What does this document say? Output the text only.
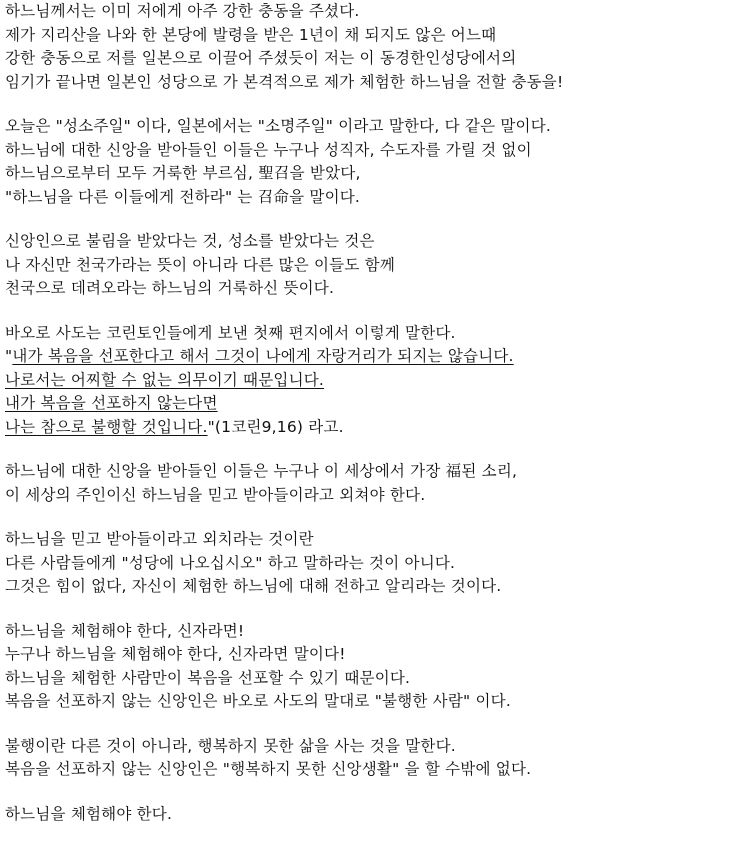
하느님께서는 이미 저에게 아주 강한 충동을 주셨다.
제가 지리산을 나와 한 본당에 발령을 받은 1년이 채 되지도 않은 어느때
강한 충동으로 저를 일본으로 이끌어 주셨듯이 저는 이 동경한인성당에서의
임기가 끝나면 일본인 성당으로 가 본격적으로 제가 체험한 하느님을 전할 충동을!
오늘은 "성소주일" 이다, 일본에서는 "소명주일" 이라고 말한다, 다 같은 말이다.
하느님에 대한 신앙을 받아들인 이들은 누구나 성직자, 수도자를 가릴 것 없이
하느님으로부터 모두 거룩한 부르심, 聖召을 받았다,
"하느님을 다른 이들에게 전하라" 는 召命을 말이다.
신앙인으로 불림을 받았다는 것, 성소를 받았다는 것은
나 자신만 천국가라는 뜻이 아니라 다른 많은 이들도 함께
천국으로 데려오라는 하느님의 거룩하신 뜻이다.
바오로 사도는 코린토인들에게 보낸 첫째 편지에서 이렇게 말한다.
"내가 복음을 선포한다고 해서 그것이 나에게 자랑거리가 되지는 않습니다.
나로서는 어찌할 수 없는 의무이기 때문입니다.
내가 복음을 선포하지 않는다면
나는 참으로 불행할 것입니다."(1코린9,16) 라고.
하느님에 대한 신앙을 받아들인 이들은 누구나 이 세상에서 가장 福된 소리,
이 세상의 주인이신 하느님을 믿고 받아들이라고 외쳐야 한다.
하느님을 믿고 받아들이라고 외치라는 것이란
다른 사람들에게 "성당에 나오십시오" 하고 말하라는 것이 아니다.
그것은 힘이 없다, 자신이 체험한 하느님에 대해 전하고 알리라는 것이다.
하느님을 체험해야 한다, 신자라면!
누구나 하느님을 체험해야 한다, 신자라면 말이다!
하느님을 체험한 사람만이 복음을 선포할 수 있기 때문이다.
복음을 선포하지 않는 신앙인은 바오로 사도의 말대로 "불행한 사람" 이다.
불행이란 다른 것이 아니라, 행복하지 못한 삶을 사는 것을 말한다.
복음을 선포하지 않는 신앙인은 "행복하지 못한 신앙생활" 을 할 수밖에 없다.
하느님을 체험해야 한다.
